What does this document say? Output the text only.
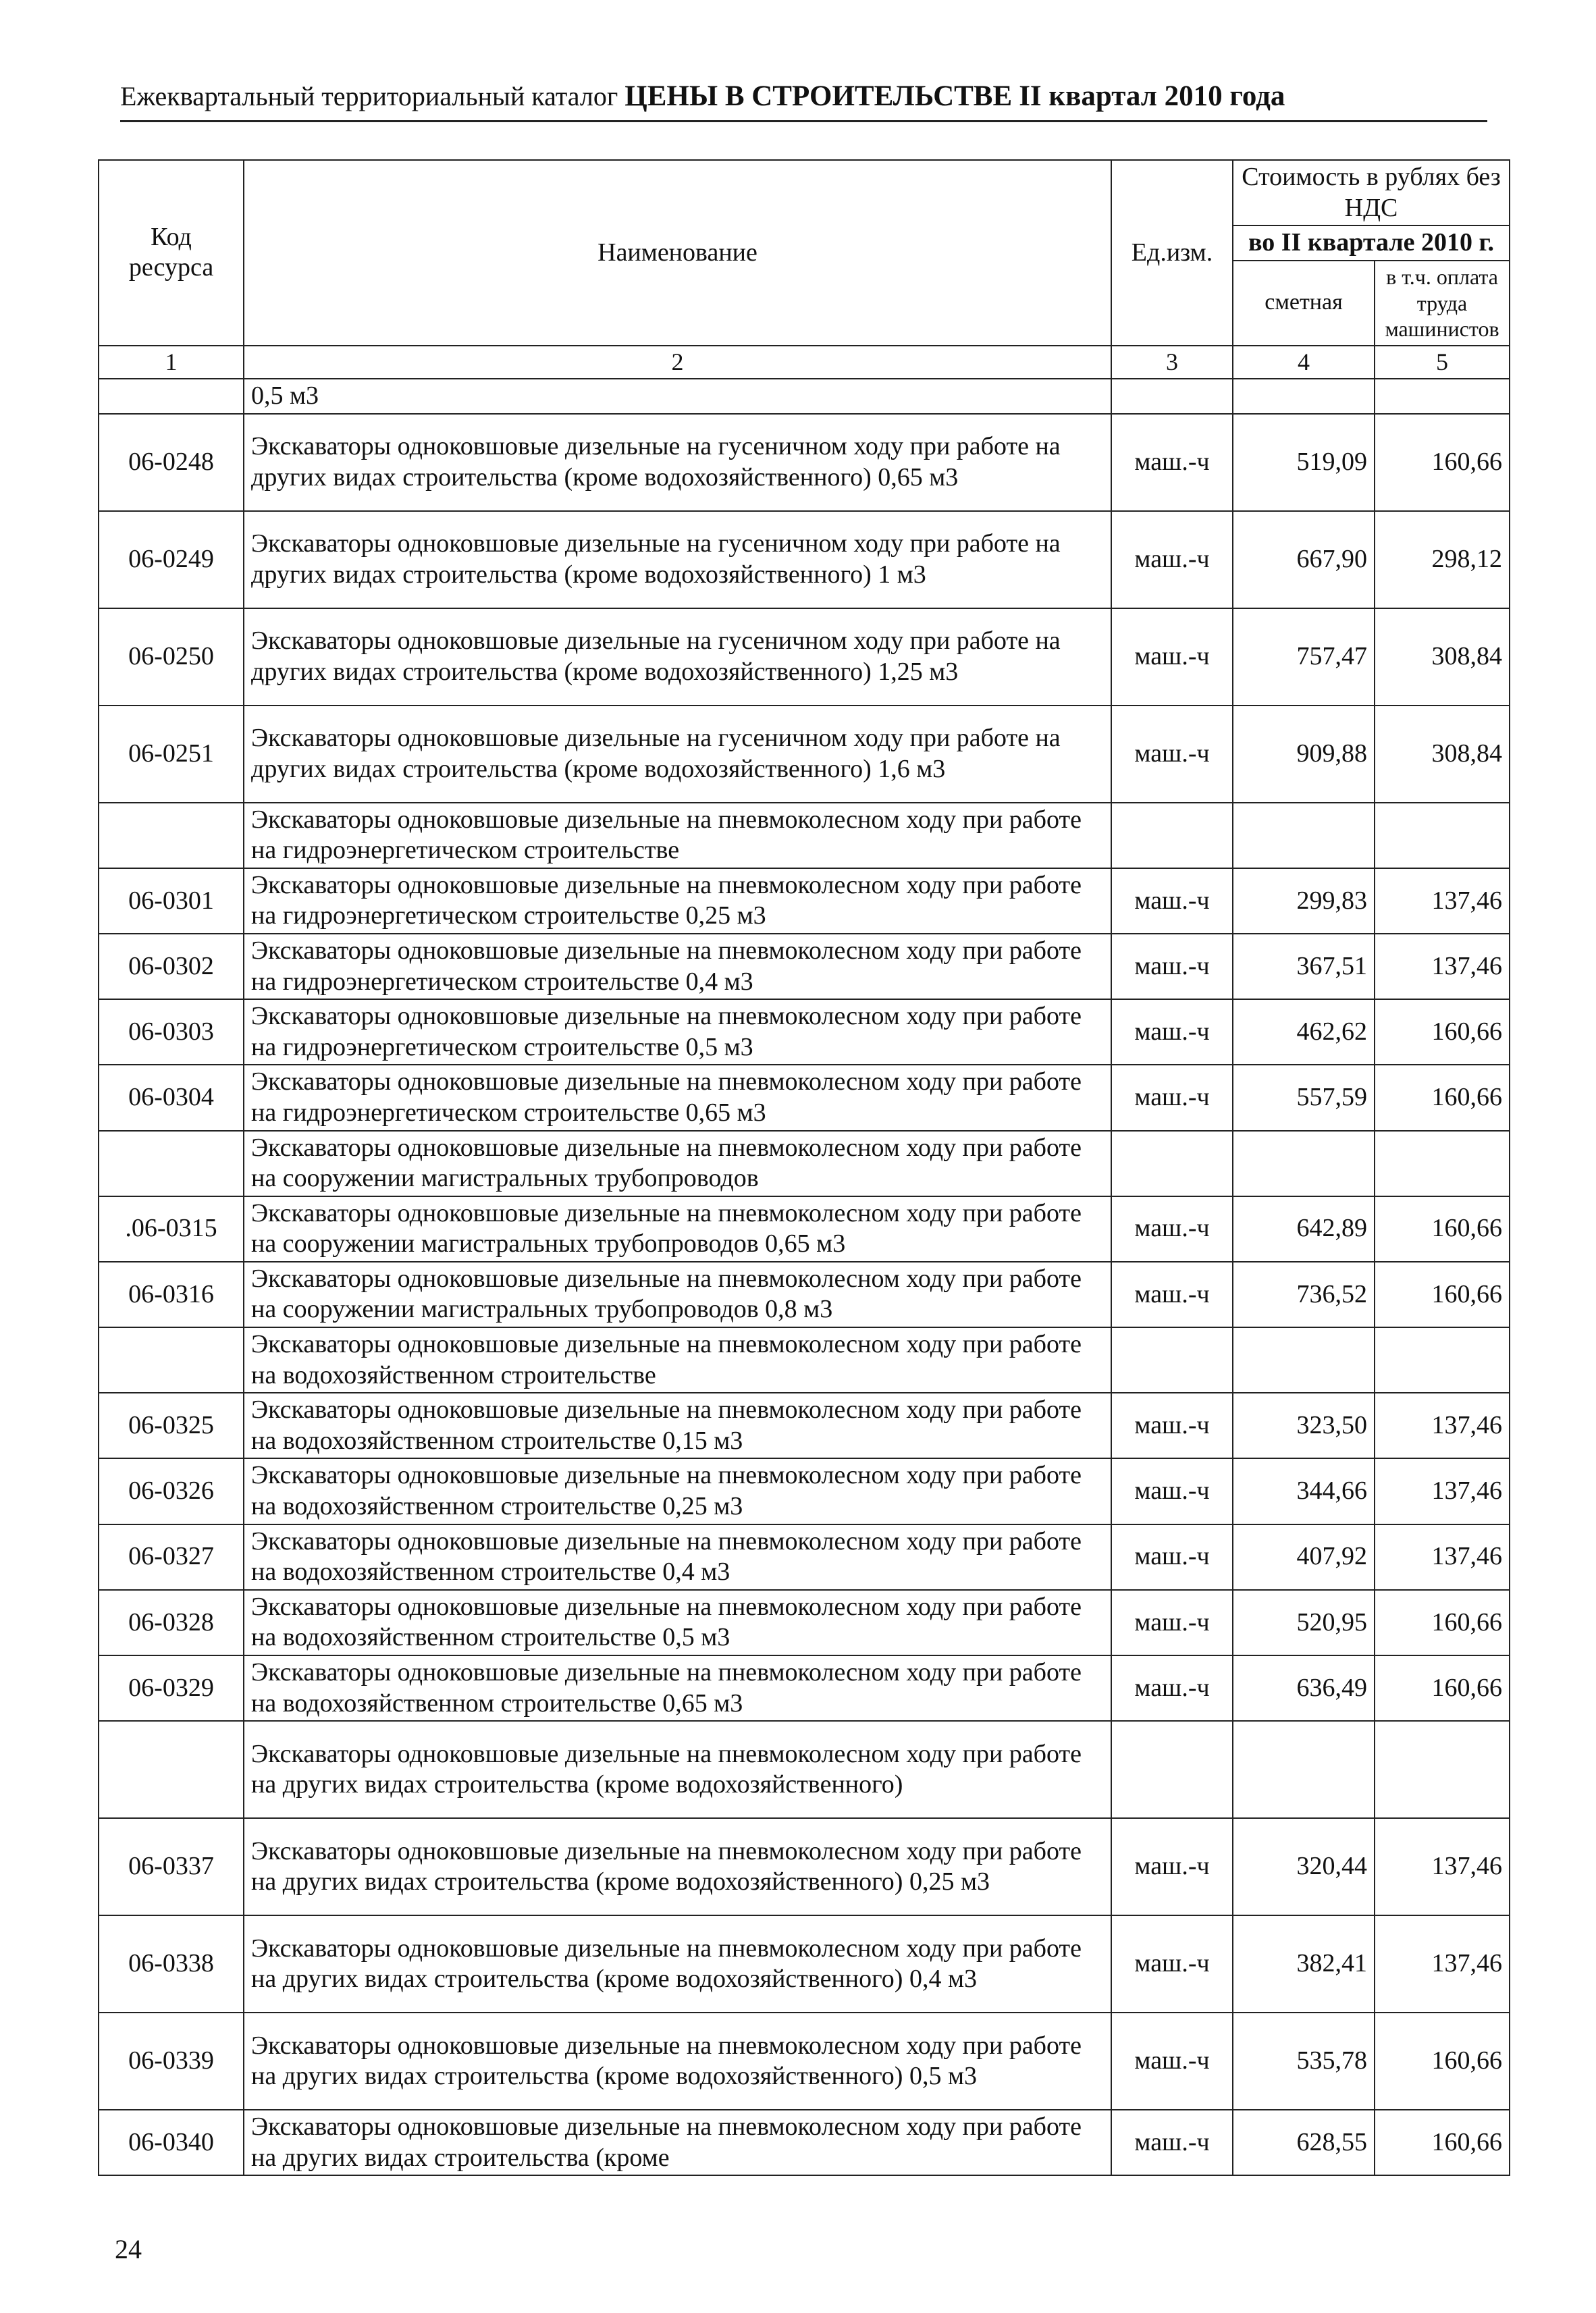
Ежеквартальный территориальный каталог ЦЕНЫ В СТРОИТЕЛЬСТВЕ II квартал 2010 года
Код ресурса	Наименование	Ед.изм.	Стоимость в рублях без НДС	
			во II квартале 2010 г.	
			сметная	в т.ч. оплата труда машинистов
1	2	3	4	5
	0,5 м3			
06-0248	Экскаваторы одноковшовые дизельные на гусеничном ходу при работе на других видах строительства (кроме водохозяйственного) 0,65 м3	маш.-ч	519,09	160,66
06-0249	Экскаваторы одноковшовые дизельные на гусеничном ходу при работе на других видах строительства (кроме водохозяйственного) 1 м3	маш.-ч	667,90	298,12
06-0250	Экскаваторы одноковшовые дизельные на гусеничном ходу при работе на других видах строительства (кроме водохозяйственного) 1,25 м3	маш.-ч	757,47	308,84
06-0251	Экскаваторы одноковшовые дизельные на гусеничном ходу при работе на других видах строительства (кроме водохозяйственного) 1,6 м3	маш.-ч	909,88	308,84
	Экскаваторы одноковшовые дизельные на пневмоколесном ходу при работе на гидроэнергетическом строительстве			
06-0301	Экскаваторы одноковшовые дизельные на пневмоколесном ходу при работе на гидроэнергетическом строительстве 0,25 м3	маш.-ч	299,83	137,46
06-0302	Экскаваторы одноковшовые дизельные на пневмоколесном ходу при работе на гидроэнергетическом строительстве 0,4 м3	маш.-ч	367,51	137,46
06-0303	Экскаваторы одноковшовые дизельные на пневмоколесном ходу при работе на гидроэнергетическом строительстве 0,5 м3	маш.-ч	462,62	160,66
06-0304	Экскаваторы одноковшовые дизельные на пневмоколесном ходу при работе на гидроэнергетическом строительстве 0,65 м3	маш.-ч	557,59	160,66
	Экскаваторы одноковшовые дизельные на пневмоколесном ходу при работе на сооружении магистральных трубопроводов			
.06-0315	Экскаваторы одноковшовые дизельные на пневмоколесном ходу при работе на сооружении магистральных трубопроводов 0,65 м3	маш.-ч	642,89	160,66
06-0316	Экскаваторы одноковшовые дизельные на пневмоколесном ходу при работе на сооружении магистральных трубопроводов 0,8 м3	маш.-ч	736,52	160,66
	Экскаваторы одноковшовые дизельные на пневмоколесном ходу при работе на водохозяйственном строительстве			
06-0325	Экскаваторы одноковшовые дизельные на пневмоколесном ходу при работе на водохозяйственном строительстве 0,15 м3	маш.-ч	323,50	137,46
06-0326	Экскаваторы одноковшовые дизельные на пневмоколесном ходу при работе на водохозяйственном строительстве 0,25 м3	маш.-ч	344,66	137,46
06-0327	Экскаваторы одноковшовые дизельные на пневмоколесном ходу при работе на водохозяйственном строительстве 0,4 м3	маш.-ч	407,92	137,46
06-0328	Экскаваторы одноковшовые дизельные на пневмоколесном ходу при работе на водохозяйственном строительстве 0,5 м3	маш.-ч	520,95	160,66
06-0329	Экскаваторы одноковшовые дизельные на пневмоколесном ходу при работе на водохозяйственном строительстве 0,65 м3	маш.-ч	636,49	160,66
	Экскаваторы одноковшовые дизельные на пневмоколесном ходу при работе на других видах строительства (кроме водохозяйственного)			
06-0337	Экскаваторы одноковшовые дизельные на пневмоколесном ходу при работе на других видах строительства (кроме водохозяйственного) 0,25 м3	маш.-ч	320,44	137,46
06-0338	Экскаваторы одноковшовые дизельные на пневмоколесном ходу при работе на других видах строительства (кроме водохозяйственного) 0,4 м3	маш.-ч	382,41	137,46
06-0339	Экскаваторы одноковшовые дизельные на пневмоколесном ходу при работе на других видах строительства (кроме водохозяйственного) 0,5 м3	маш.-ч	535,78	160,66
06-0340	Экскаваторы одноковшовые дизельные на пневмоколесном ходу при работе на других видах строительства (кроме	маш.-ч	628,55	160,66
24
